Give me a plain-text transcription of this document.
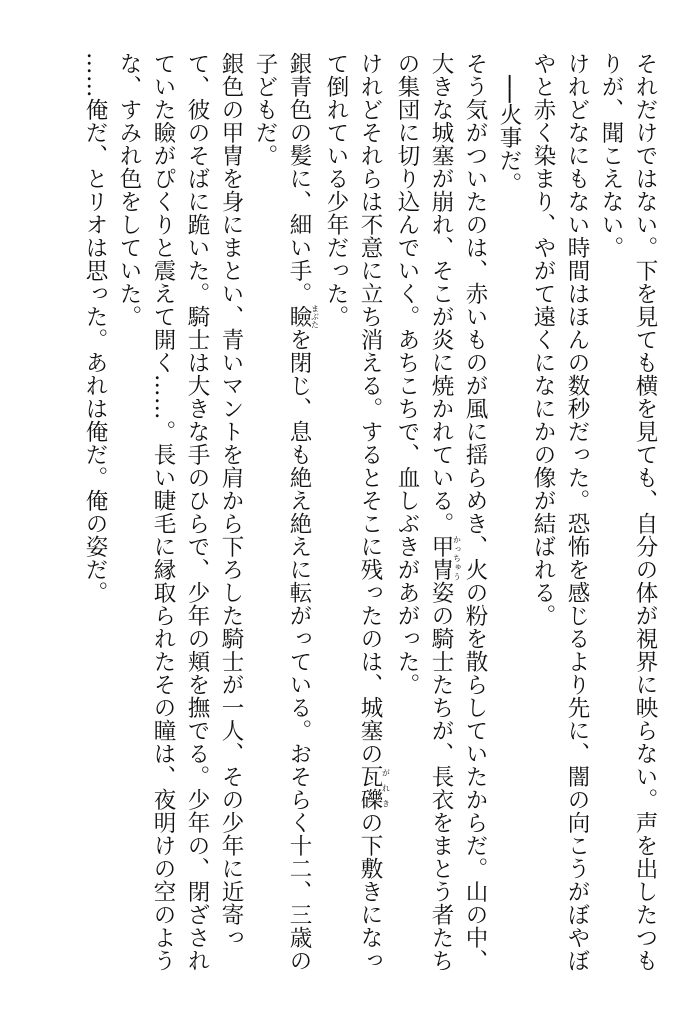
それだけではない。下を見ても横を見ても、自分の体が視界に映らない。声を出したつもりが、聞こえない。

けれどなにもない時間はほんの数秒だった。恐怖を感じるより先に、闇の向こうがぼやぼやと赤く染まり、やがて遠くになにかの像が結ばれる。

──火事だ。

そう気がついたのは、赤いものが風に揺らめき、火の粉を散らしていたからだ。山の中、大きな城塞が崩れ、そこが炎に焼かれている。甲冑かっちゅう姿の騎士たちが、長衣をまとう者たちの集団に切り込んでいく。あちこちで、血しぶきがあがった。

けれどそれらは不意に立ち消える。するとそこに残ったのは、城塞の瓦礫がれきの下敷きになって倒れている少年だった。

銀青色の髪に、細い手。瞼まぶたを閉じ、息も絶え絶えに転がっている。おそらく十二、三歳の子どもだ。

銀色の甲冑を身にまとい、青いマントを肩から下ろした騎士が一人、その少年に近寄って、彼のそばに跪いた。騎士は大きな手のひらで、少年の頬を撫でる。少年の、閉ざされていた瞼がぴくりと震えて開く……。長い睫毛に縁取られたその瞳は、夜明けの空のような、すみれ色をしていた。

……俺だ、とリオは思った。あれは俺だ。俺の姿だ。
